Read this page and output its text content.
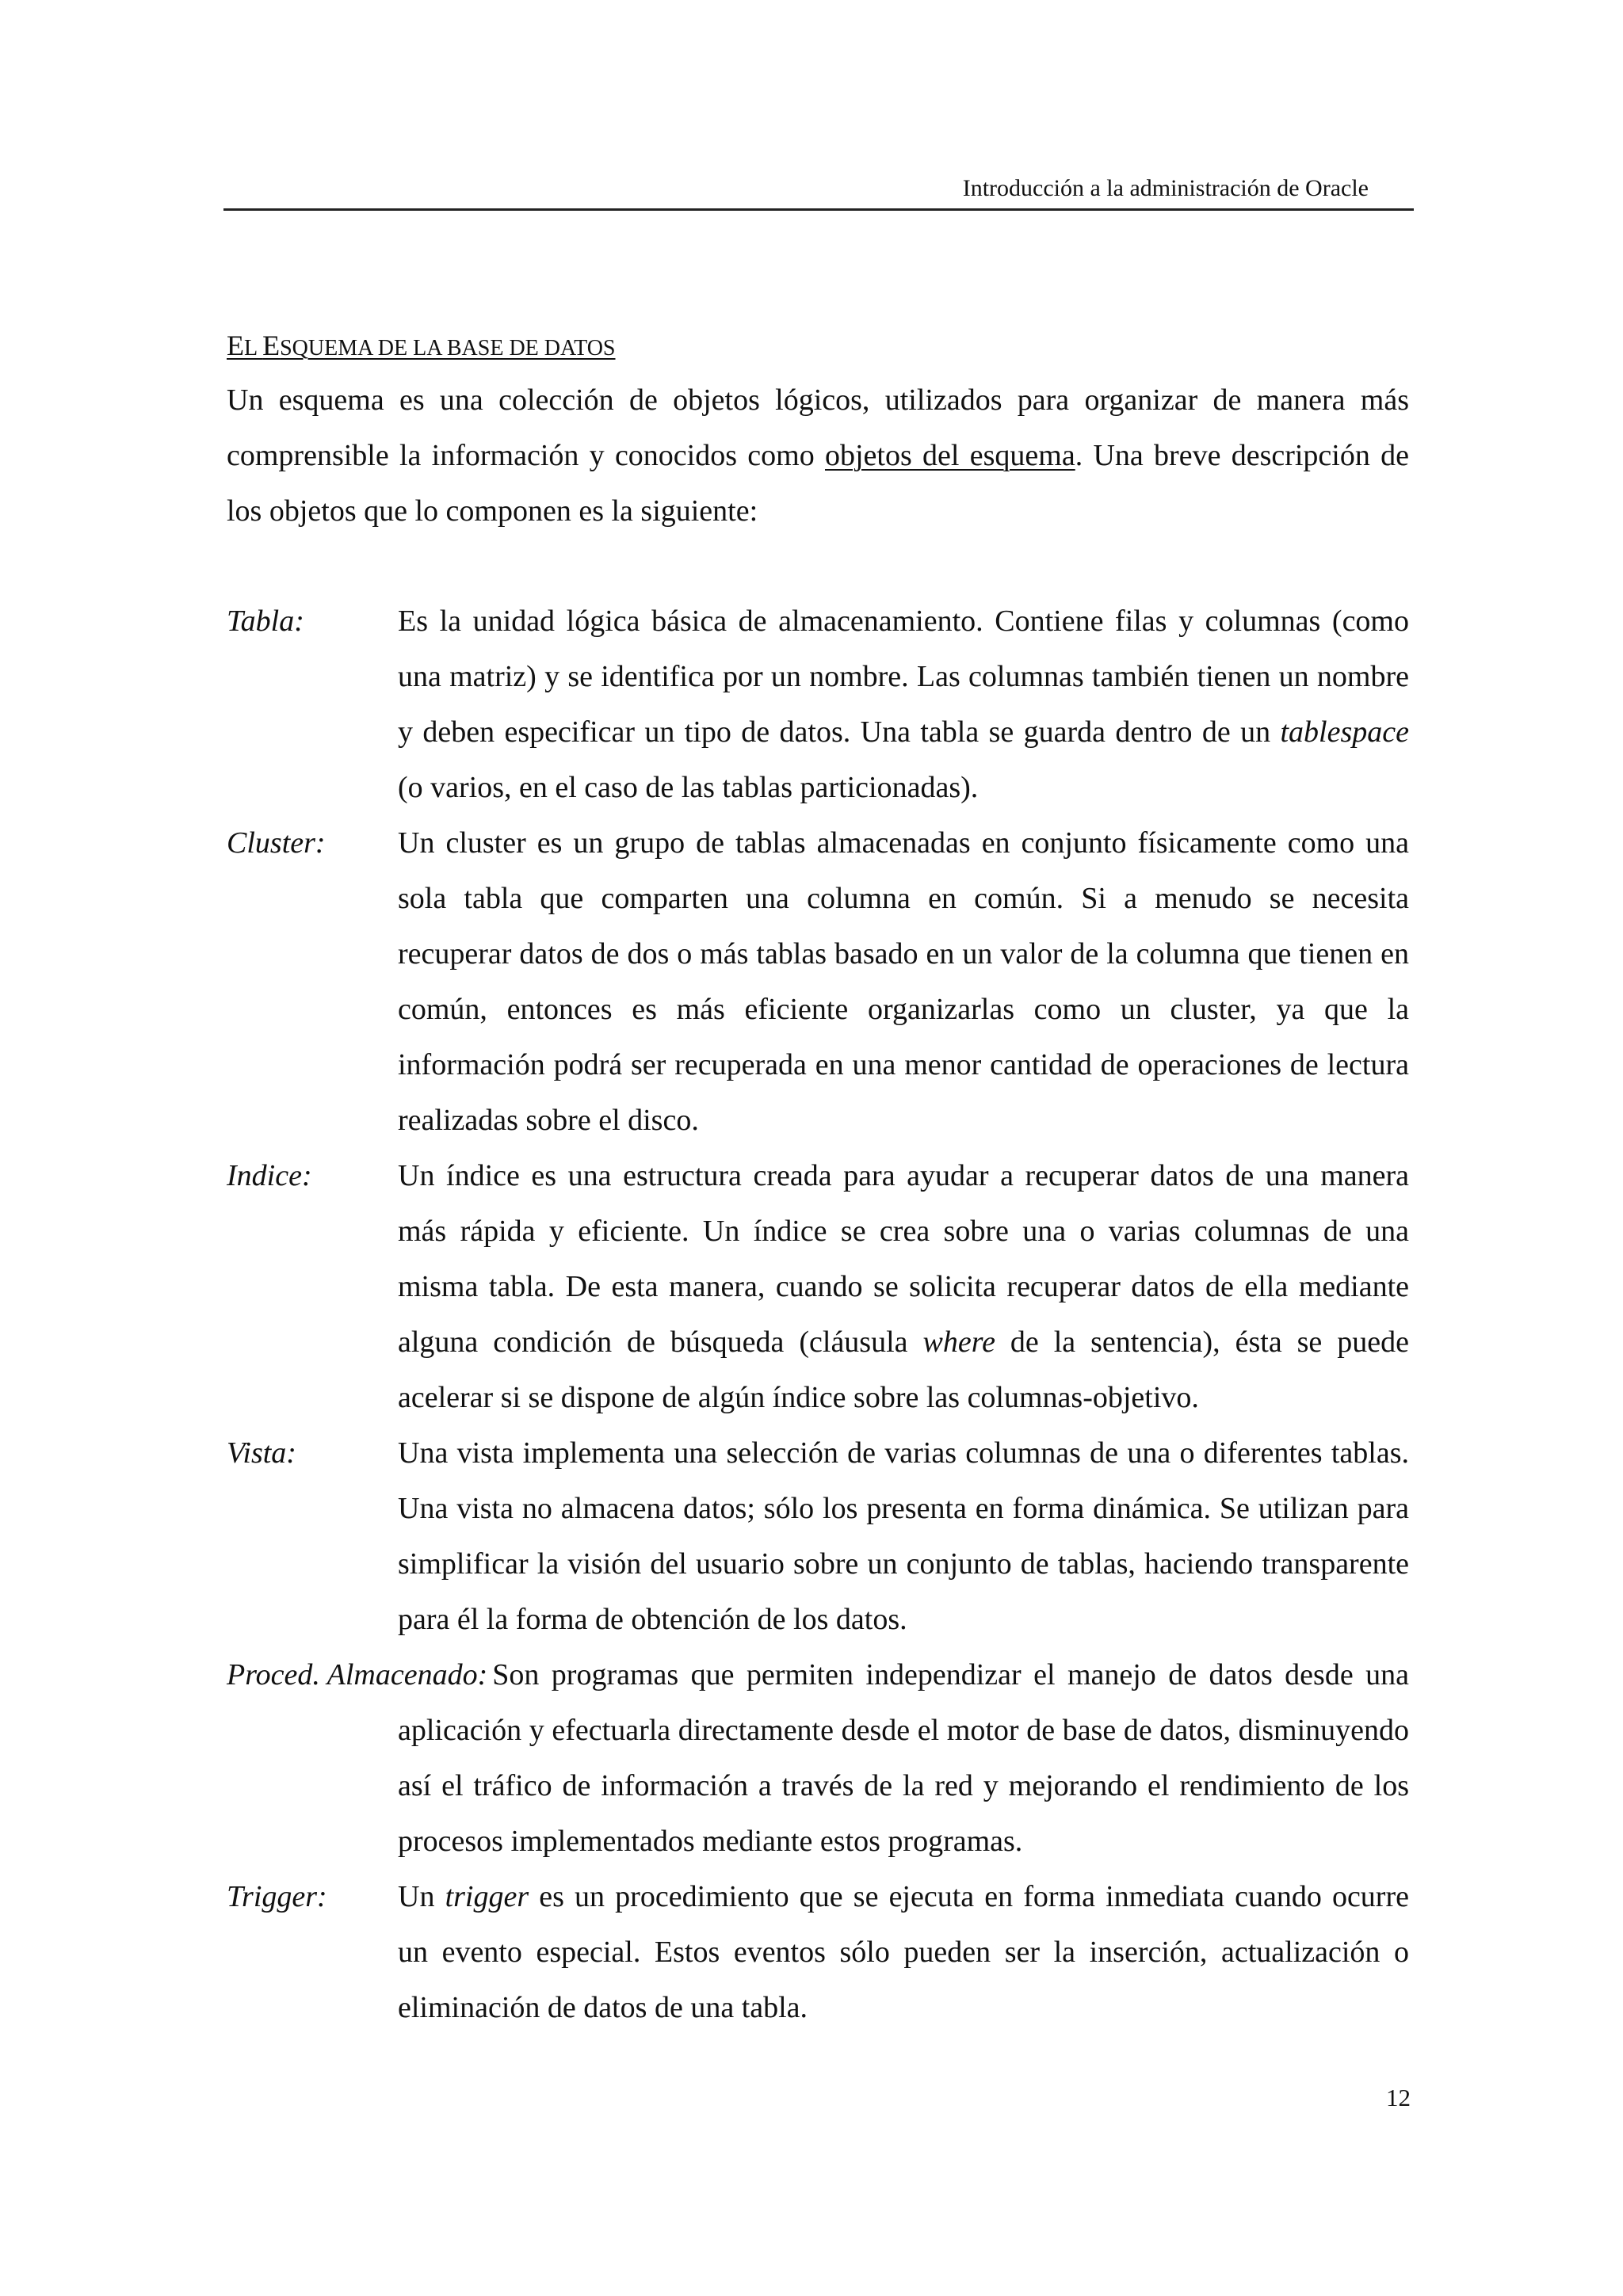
Introducción a la administración de Oracle
EL ESQUEMA DE LA BASE DE DATOS

Un esquema es una colección de objetos lógicos, utilizados para organizar de manera más comprensible la información y conocidos como objetos del esquema. Una breve descripción de los objetos que lo componen es la siguiente:

Tabla:	Es la unidad lógica básica de almacenamiento. Contiene filas y columnas (como una matriz) y se identifica por un nombre. Las columnas también tienen un nombre y deben especificar un tipo de datos. Una tabla se guarda dentro de un tablespace (o varios, en el caso de las tablas particionadas).

Cluster: Un cluster es un grupo de tablas almacenadas en conjunto físicamente como una sola tabla que comparten una columna en común. Si a menudo se necesita recuperar datos de dos o más tablas basado en un valor de la columna que tienen en común, entonces es más eficiente organizarlas como un cluster, ya que la información podrá ser recuperada en una menor cantidad de operaciones de lectura realizadas sobre el disco.

Indice:	Un índice es una estructura creada para ayudar a recuperar datos de una manera más rápida y eficiente. Un índice se crea sobre una o varias columnas de una misma tabla. De esta manera, cuando se solicita recuperar datos de ella mediante alguna condición de búsqueda (cláusula where de la sentencia), ésta se puede acelerar si se dispone de algún índice sobre las columnas-objetivo.

Vista:	Una vista implementa una selección de varias columnas de una o diferentes tablas. Una vista no almacena datos; sólo los presenta en forma dinámica. Se utilizan para simplificar la visión del usuario sobre un conjunto de tablas, haciendo transparente para él la forma de obtención de los datos.

Proced. Almacenado: Son programas que permiten independizar el manejo de datos desde una aplicación y efectuarla directamente desde el motor de base de datos, disminuyendo así el tráfico de información a través de la red y mejorando el rendimiento de los procesos implementados mediante estos programas.

Trigger: Un trigger es un procedimiento que se ejecuta en forma inmediata cuando ocurre un evento especial. Estos eventos sólo pueden ser la inserción, actualización o eliminación de datos de una tabla.

12
